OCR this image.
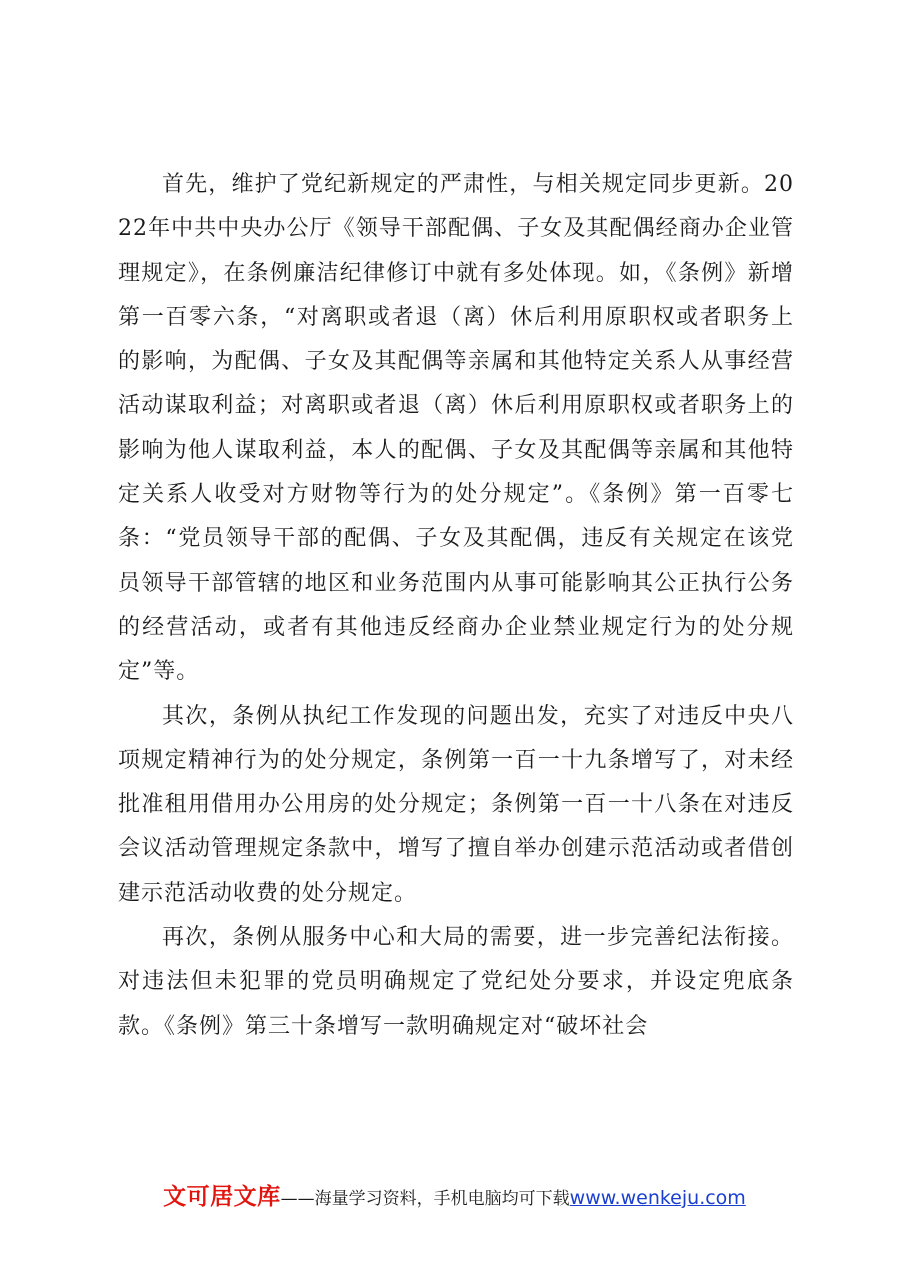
首先，维护了党纪新规定的严肃性，与相关规定同步更新。2022年中共中央办公厅《领导干部配偶、子女及其配偶经商办企业管理规定》，在条例廉洁纪律修订中就有多处体现。如，《条例》新增第一百零六条，“对离职或者退（离）休后利用原职权或者职务上的影响，为配偶、子女及其配偶等亲属和其他特定关系人从事经营活动谋取利益；对离职或者退（离）休后利用原职权或者职务上的影响为他人谋取利益，本人的配偶、子女及其配偶等亲属和其他特定关系人收受对方财物等行为的处分规定”。《条例》第一百零七条：“党员领导干部的配偶、子女及其配偶，违反有关规定在该党员领导干部管辖的地区和业务范围内从事可能影响其公正执行公务的经营活动，或者有其他违反经商办企业禁业规定行为的处分规定”等。

其次，条例从执纪工作发现的问题出发，充实了对违反中央八项规定精神行为的处分规定，条例第一百一十九条增写了，对未经批准租用借用办公用房的处分规定；条例第一百一十八条在对违反会议活动管理规定条款中，增写了擅自举办创建示范活动或者借创建示范活动收费的处分规定。

再次，条例从服务中心和大局的需要，进一步完善纪法衔接。对违法但未犯罪的党员明确规定了党纪处分要求，并设定兜底条款。《条例》第三十条增写一款明确规定对“破坏社会

文可居文库——海量学习资料，手机电脑均可下载www.wenkeju.com
